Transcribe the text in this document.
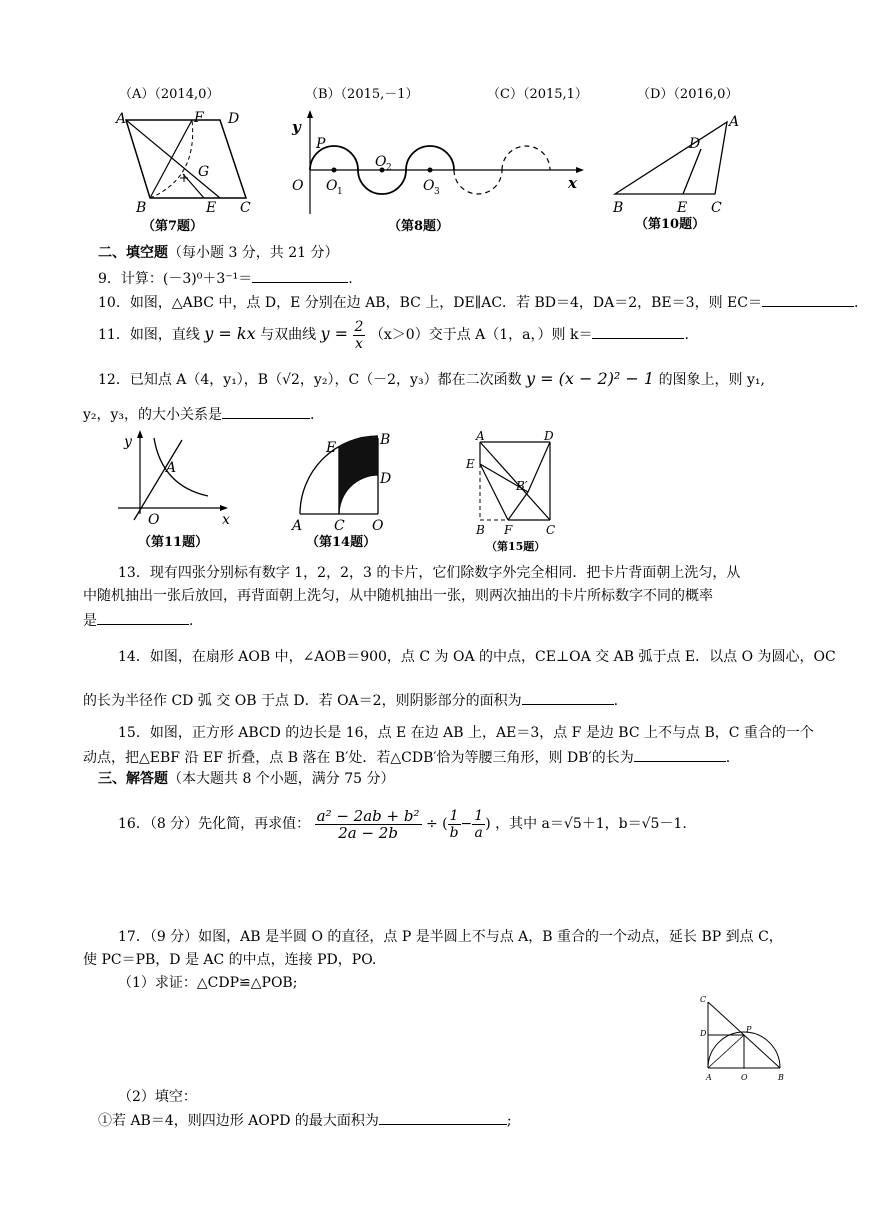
（A）（2014,0）	（B）（2015,－1）	（C）（2015,1）	（D）（2016,0）
A	F D
G
B	E C
（第7题）
y
P
O 2
O O 1	O 3	x
（第8题）
A
D
B	E C
（第10题）
二、填空题（每小题 3 分，共 21 分）
9．计算：(－3)⁰＋3⁻¹＝	.
10．如图，△ABC 中，点 D，E 分别在边 AB，BC 上，DE∥AC．若 BD＝4，DA＝2，BE＝3，则 EC＝	.
11．如图，直线 y = kx 与双曲线 $y = \frac{2}{x} (x>0)$交于点 A（1，a，）则 k＝	.
12．已知点 A（4，y₁），B（√2，y₂），C（－2，y₃）都在二次函数 y = (x − 2)² − 1 的图象上，则 y₁,
y₂，y₃，的大小关系是	.
y
A
O	x
（第11题）
E	B
D
A C O
（第14题）
A	D
E
B′
B F	C
（第15题）
13．现有四张分别标有数字 1，2，2，3 的卡片，它们除数字外完全相同．把卡片背面朝上洗匀，从
中随机抽出一张后放回，再背面朝上洗匀，从中随机抽出一张，则两次抽出的卡片所标数字不同的概率
是	.
14．如图，在扇形 AOB 中，∠AOB＝900，点 C 为 OA 的中点，CE⊥OA 交 AB 弧于点 E．以点 O 为圆心，OC
的长为半径作 CD 弧 交 OB 于点 D．若 OA＝2，则阴影部分的面积为	.
15．如图，正方形 ABCD 的边长是 16，点 E 在边 AB 上，AE＝3，点 F 是边 BC 上不与点 B，C 重合的一个
动点，把△EBF 沿 EF 折叠，点 B 落在 B′处．若△CDB′恰为等腰三角形，则 DB′的长为	.
三、解答题（本大题共 8 个小题，满分 75 分）
16．（8 分）先化简，再求值： $\frac{\text{a² − 2ab + b²}}{2a - 2b}$ ÷ ( $\frac{1}{b} - \frac{1}{a}$ ) ，其中 a＝√5＋1，b＝√5－1.
17．（9 分）如图，AB 是半圆 O 的直径，点 P 是半圆上不与点 A，B 重合的一个动点，延长 BP 到点 C，
使 PC＝PB，D 是 AC 的中点，连接 PD，PO.
（1）求证：△CDP≌△POB;
C
D	P
A	O	B
（2）填空：
①若 AB＝4，则四边形 AOPD 的最大面积为	;
